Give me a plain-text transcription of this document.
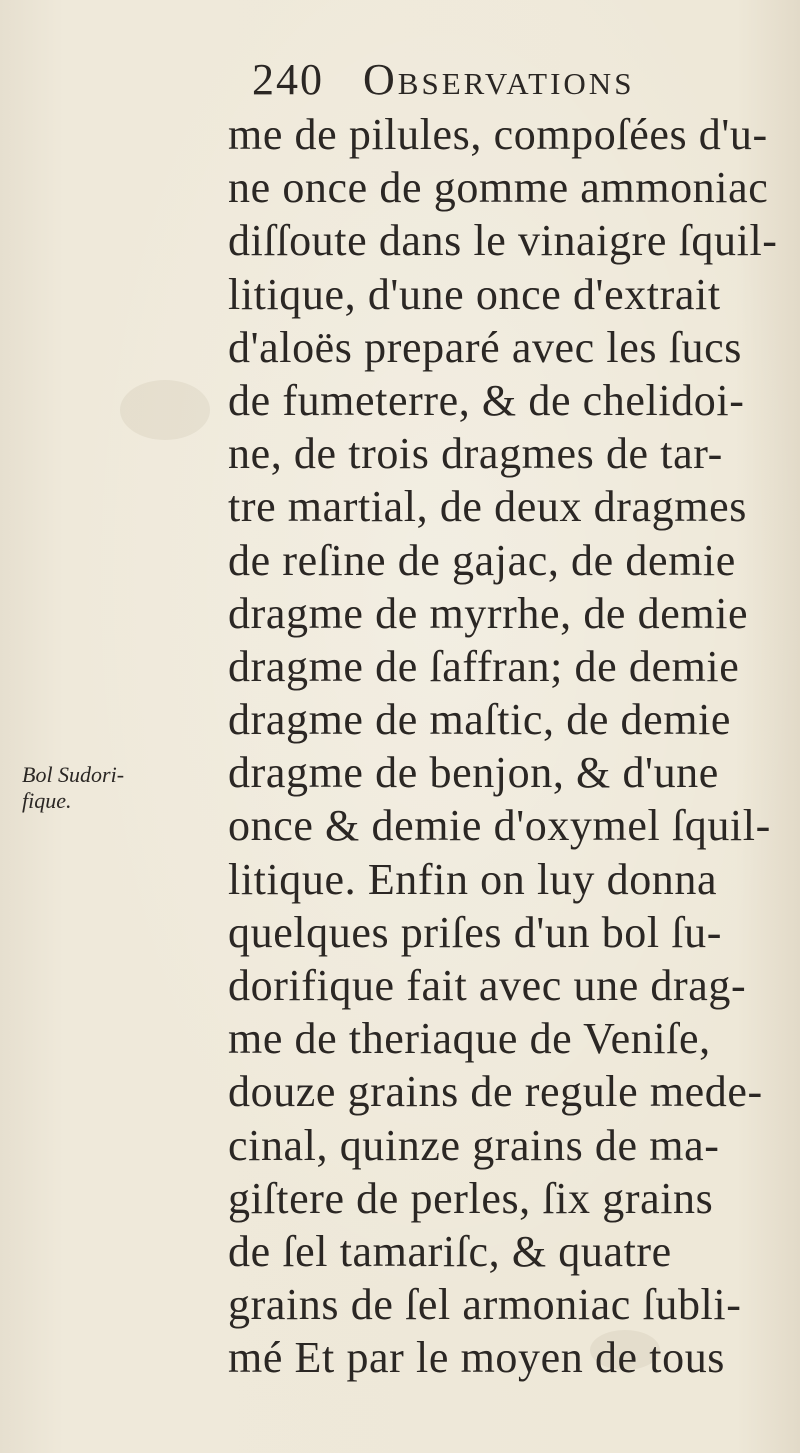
240 Observations
me de pilules, compoſées d'u-
ne once de gomme ammoniac
diſſoute dans le vinaigre ſquil-
litique, d'une once d'extrait
d'aloës preparé avec les ſucs
de fumeterre, & de chelidoi-
ne, de trois dragmes de tar-
tre martial, de deux dragmes
de reſine de gajac, de demie
dragme de myrrhe, de demie
dragme de ſaffran; de demie
dragme de maſtic, de demie
dragme de benjon, & d'une
once & demie d'oxymel ſquil-
litique. Enfin on luy donna
quelques priſes d'un bol ſu-
dorifique fait avec une drag-
me de theriaque de Veniſe,
douze grains de regule mede-
cinal, quinze grains de ma-
giſtere de perles, ſix grains
de ſel tamariſc, & quatre
grains de ſel armoniac ſubli-
mé Et par le moyen de tous
Bol Sudori-
fique.
